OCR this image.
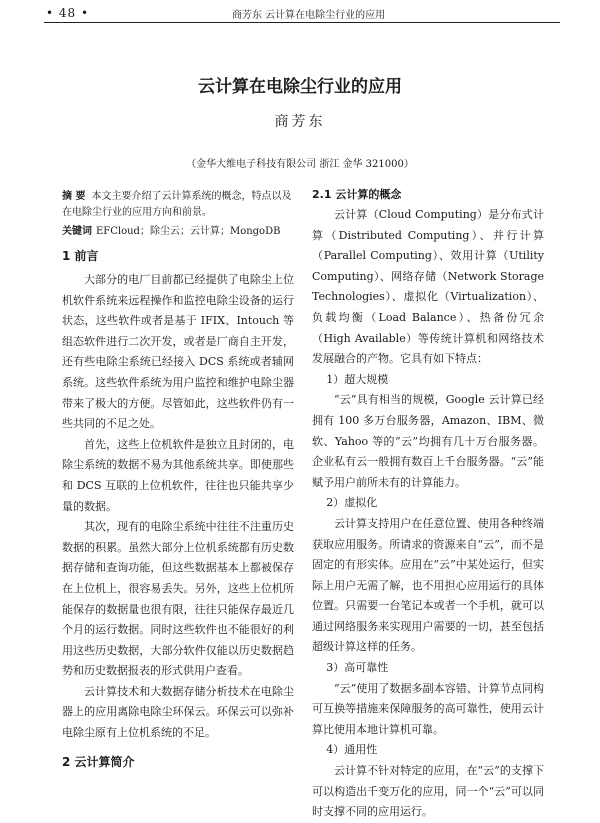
• 48 •	商芳东 云计算在电除尘行业的应用
云计算在电除尘行业的应用
商芳东
（金华大维电子科技有限公司 浙江 金华 321000）
摘 要 本文主要介绍了云计算系统的概念，特点以及在电除尘行业的应用方向和前景。
关键词 EFCloud；除尘云；云计算；MongoDB
1 前言

大部分的电厂目前都已经提供了电除尘上位机软件系统来远程操作和监控电除尘设备的运行状态，这些软件或者是基于 IFIX、Intouch 等组态软件进行二次开发，或者是厂商自主开发，还有些电除尘系统已经接入 DCS 系统或者辅网系统。这些软件系统为用户监控和维护电除尘器带来了极大的方便。尽管如此，这些软件仍有一些共同的不足之处。

首先，这些上位机软件是独立且封闭的，电除尘系统的数据不易为其他系统共享。即使那些和 DCS 互联的上位机软件，往往也只能共享少量的数据。

其次，现有的电除尘系统中往往不注重历史数据的积累。虽然大部分上位机系统都有历史数据存储和查询功能，但这些数据基本上都被保存在上位机上，很容易丢失。另外，这些上位机所能保存的数据量也很有限，往往只能保存最近几个月的运行数据。同时这些软件也不能很好的利用这些历史数据，大部分软件仅能以历史数据趋势和历史数据报表的形式供用户查看。

云计算技术和大数据存储分析技术在电除尘器上的应用离除电除尘环保云。环保云可以弥补电除尘原有上位机系统的不足。

2 云计算简介
2.1 云计算的概念

云计算（Cloud Computing）是分布式计算（Distributed Computing）、并行计算（Parallel Computing）、效用计算（Utility Computing）、网络存储（Network Storage Technologies）、虚拟化（Virtualization）、负载均衡（Load Balance）、热备份冗余（High Available）等传统计算机和网络技术发展融合的产物。它具有如下特点：

1）超大规模

“云”具有相当的规模，Google 云计算已经拥有 100 多万台服务器，Amazon、IBM、微软、Yahoo 等的“云”均拥有几十万台服务器。企业私有云一般拥有数百上千台服务器。“云”能赋予用户前所未有的计算能力。

2）虚拟化

云计算支持用户在任意位置、使用各种终端获取应用服务。所请求的资源来自“云”，而不是固定的有形实体。应用在“云”中某处运行，但实际上用户无需了解，也不用担心应用运行的具体位置。只需要一台笔记本或者一个手机，就可以通过网络服务来实现用户需要的一切，甚至包括超级计算这样的任务。

3）高可靠性

“云”使用了数据多副本容错、计算节点同构可互换等措施来保障服务的高可靠性，使用云计算比使用本地计算机可靠。

4）通用性

云计算不针对特定的应用，在“云”的支撑下可以构造出千变万化的应用，同一个“云”可以同时支撑不同的应用运行。
